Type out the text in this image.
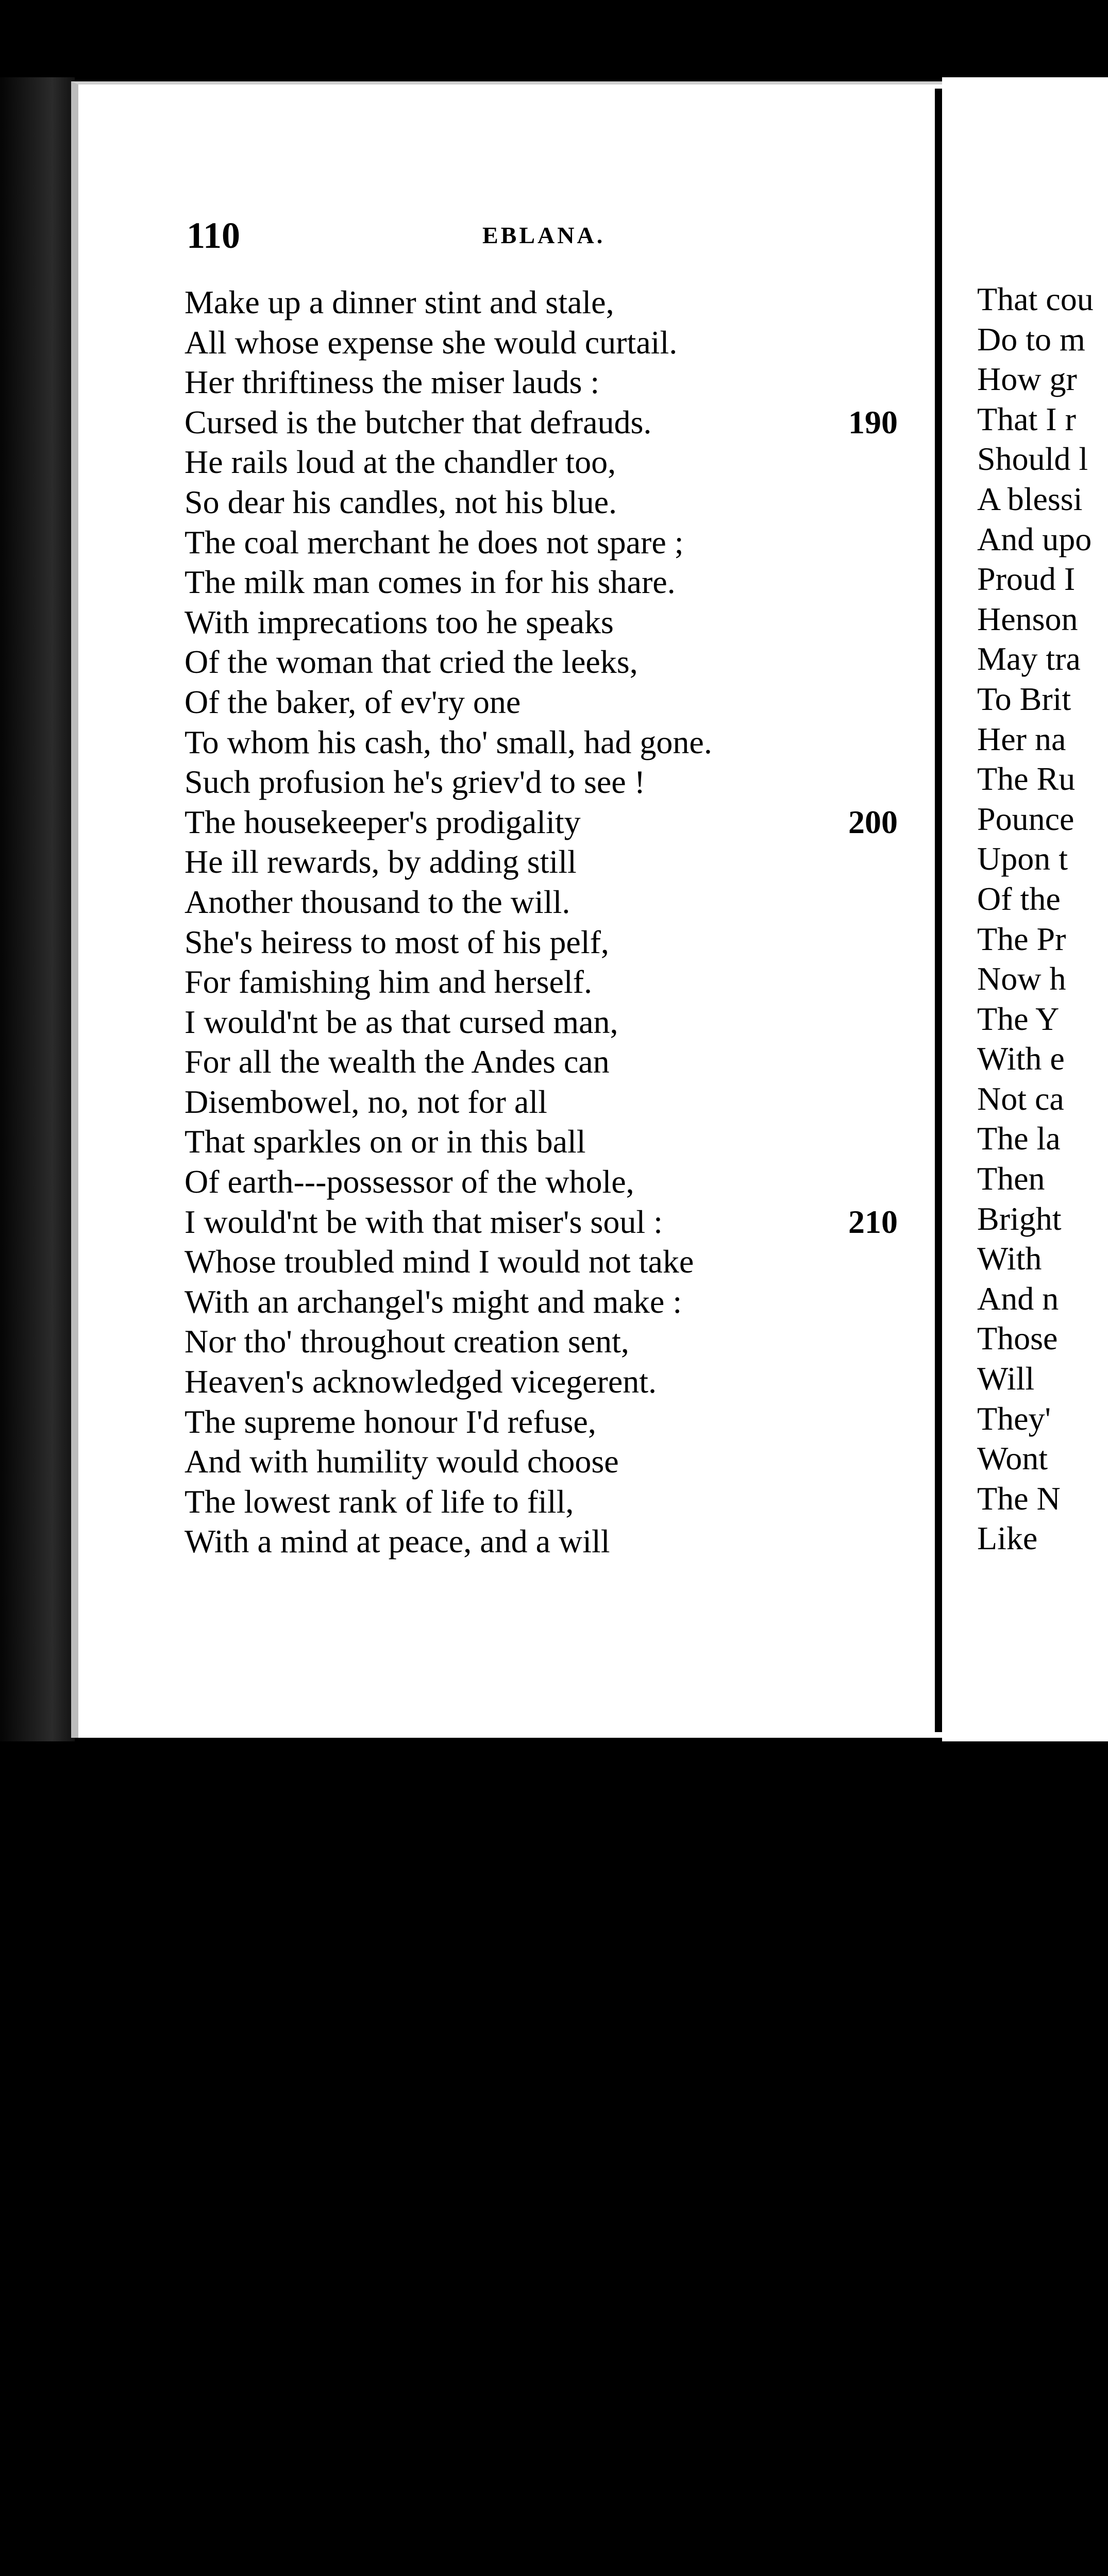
110	EBLANA.
Make up a dinner stint and stale,
All whose expense she would curtail.
Her thriftiness the miser lauds :
Cursed is the butcher that defrauds.	190
He rails loud at the chandler too,
So dear his candles, not his blue.
The coal merchant he does not spare ;
The milk man comes in for his share.
With imprecations too he speaks
Of the woman that cried the leeks,
Of the baker, of ev'ry one
To whom his cash, tho' small, had gone.
Such profusion he's griev'd to see !
The housekeeper's prodigality	200
He ill rewards, by adding still
Another thousand to the will.
She's heiress to most of his pelf,
For famishing him and herself.
I would'nt be as that cursed man,
For all the wealth the Andes can
Disembowel, no, not for all
That sparkles on or in this ball
Of earth---possessor of the whole,
I would'nt be with that miser's soul :	210
Whose troubled mind I would not take
With an archangel's might and make :
Nor tho' throughout creation sent,
Heaven's acknowledged vicegerent.
The supreme honour I'd refuse,
And with humility would choose
The lowest rank of life to fill,
With a mind at peace, and a will
That cou
Do to m
How gr
That I r
Should l
A blessi
And upo
Proud I
Henson
May tra
To Brit
Her na
The Ru
Pounce
Upon t
Of the
The Pr
Now h
The Y
With e
Not ca
The la
Then
Bright
With
And n
Those
Will
They'
Wont
The N
Like
